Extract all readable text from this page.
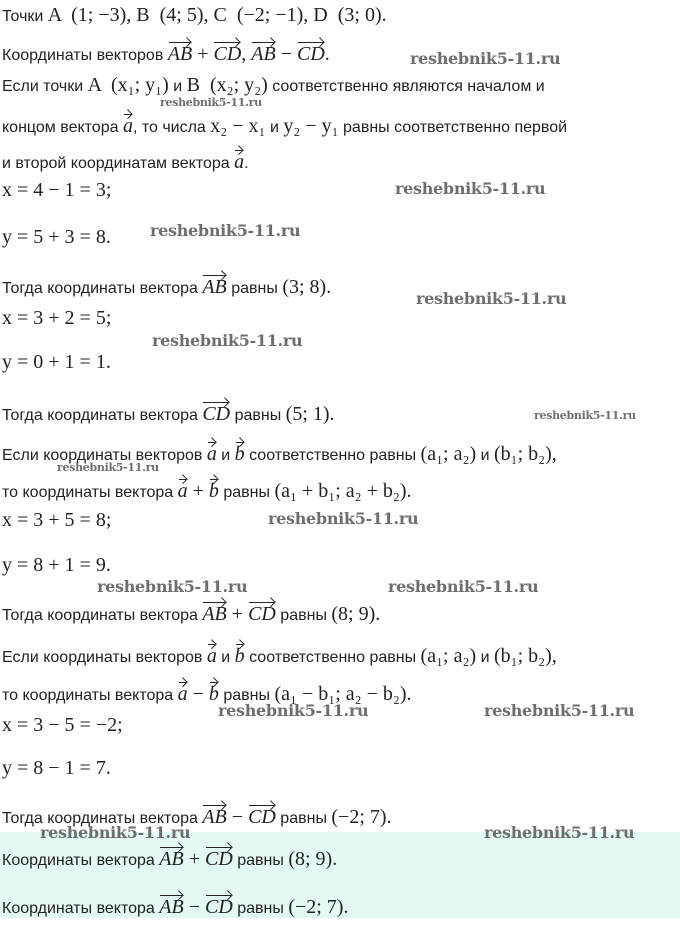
Точки A  (1; −3), B  (4; 5), C  (−2; −1), D  (3; 0).
Координаты векторов AB + CD, AB − CD.
Если точки A  (x₁; y₁) и B  (x₂; y₂) соответственно являются началом и
концом вектора a, то числа x₂ − x₁ и y₂ − y₁ равны соответственно первой
и второй координатам вектора a.
x = 4 − 1 = 3;
y = 5 + 3 = 8.
Тогда координаты вектора AB равны (3; 8).
x = 3 + 2 = 5;
y = 0 + 1 = 1.
Тогда координаты вектора CD равны (5; 1).
Если координаты векторов a и b соответственно равны (a₁; a₂) и (b₁; b₂),
то координаты вектора a + b равны (a₁ + b₁; a₂ + b₂).
x = 3 + 5 = 8;
y = 8 + 1 = 9.
Тогда координаты вектора AB + CD равны (8; 9).
Если координаты векторов a и b соответственно равны (a₁; a₂) и (b₁; b₂),
то координаты вектора a − b равны (a₁ − b₁; a₂ − b₂).
x = 3 − 5 = −2;
y = 8 − 1 = 7.
Тогда координаты вектора AB − CD равны (−2; 7).
Координаты вектора AB + CD равны (8; 9).
Координаты вектора AB − CD равны (−2; 7).
reshebnik5-11.ru
reshebnik5-11.ru
reshebnik5-11.ru
reshebnik5-11.ru
reshebnik5-11.ru
reshebnik5-11.ru
reshebnik5-11.ru
reshebnik5-11.ru
reshebnik5-11.ru
reshebnik5-11.ru	reshebnik5-11.ru
reshebnik5-11.ru	reshebnik5-11.ru
reshebnik5-11.ru	reshebnik5-11.ru
